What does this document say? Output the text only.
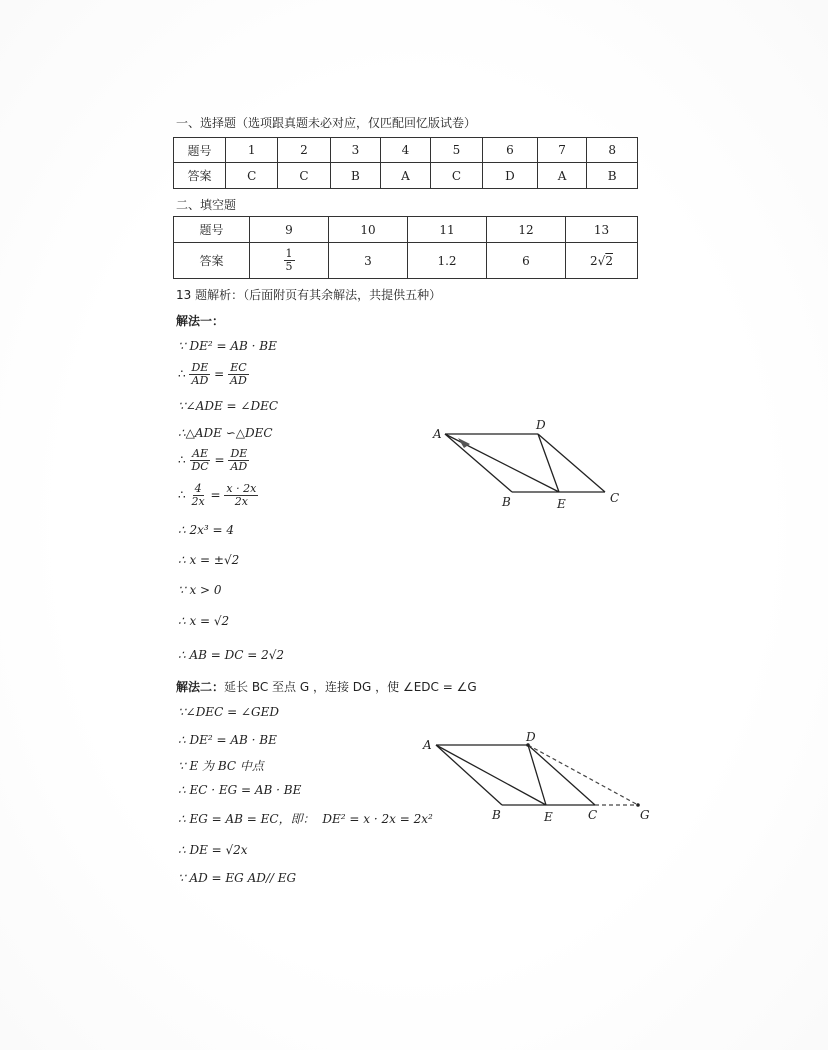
一、选择题（选项跟真题未必对应，仅匹配回忆版试卷）
题号	1	2	3	4	5	6	7	8
答案	C	C	B	A	C	D	A	B
二、填空题
题号	9	10	11	12	13
答案	$\frac{1}{5}$	3	1.2	6	2√2
13 题解析：（后面附页有其余解法，共提供五种）
解法一：
∵ DE² = AB · BE
∴ $\frac{DE}{AD} = \frac{EC}{AD}$
∵∠ADE = ∠DEC
∴△ADE ∽△DEC
∴ $\frac{AE}{DC} = \frac{DE}{AD}$
∴ $\frac{4}{2x} = \frac{x \cdot 2x}{2x}$
∴ 2x³ = 4
∴ x = ±√2
∵ x > 0
∴ x = √2
∴ AB = DC = 2√2
A
D
B	E	C
解法二：延长 BC 至点 G ，连接 DG ，使 ∠EDC = ∠G
∵∠DEC = ∠GED
∴ DE² = AB · BE
∵ E 为 BC 中点
∴ EC · EG = AB · BE
∴ EG = AB = EC，即： DE² = x · 2x = 2x²
∴ DE = √2x
∵ AD = EG AD// EG
A
D
B	E	C	G
